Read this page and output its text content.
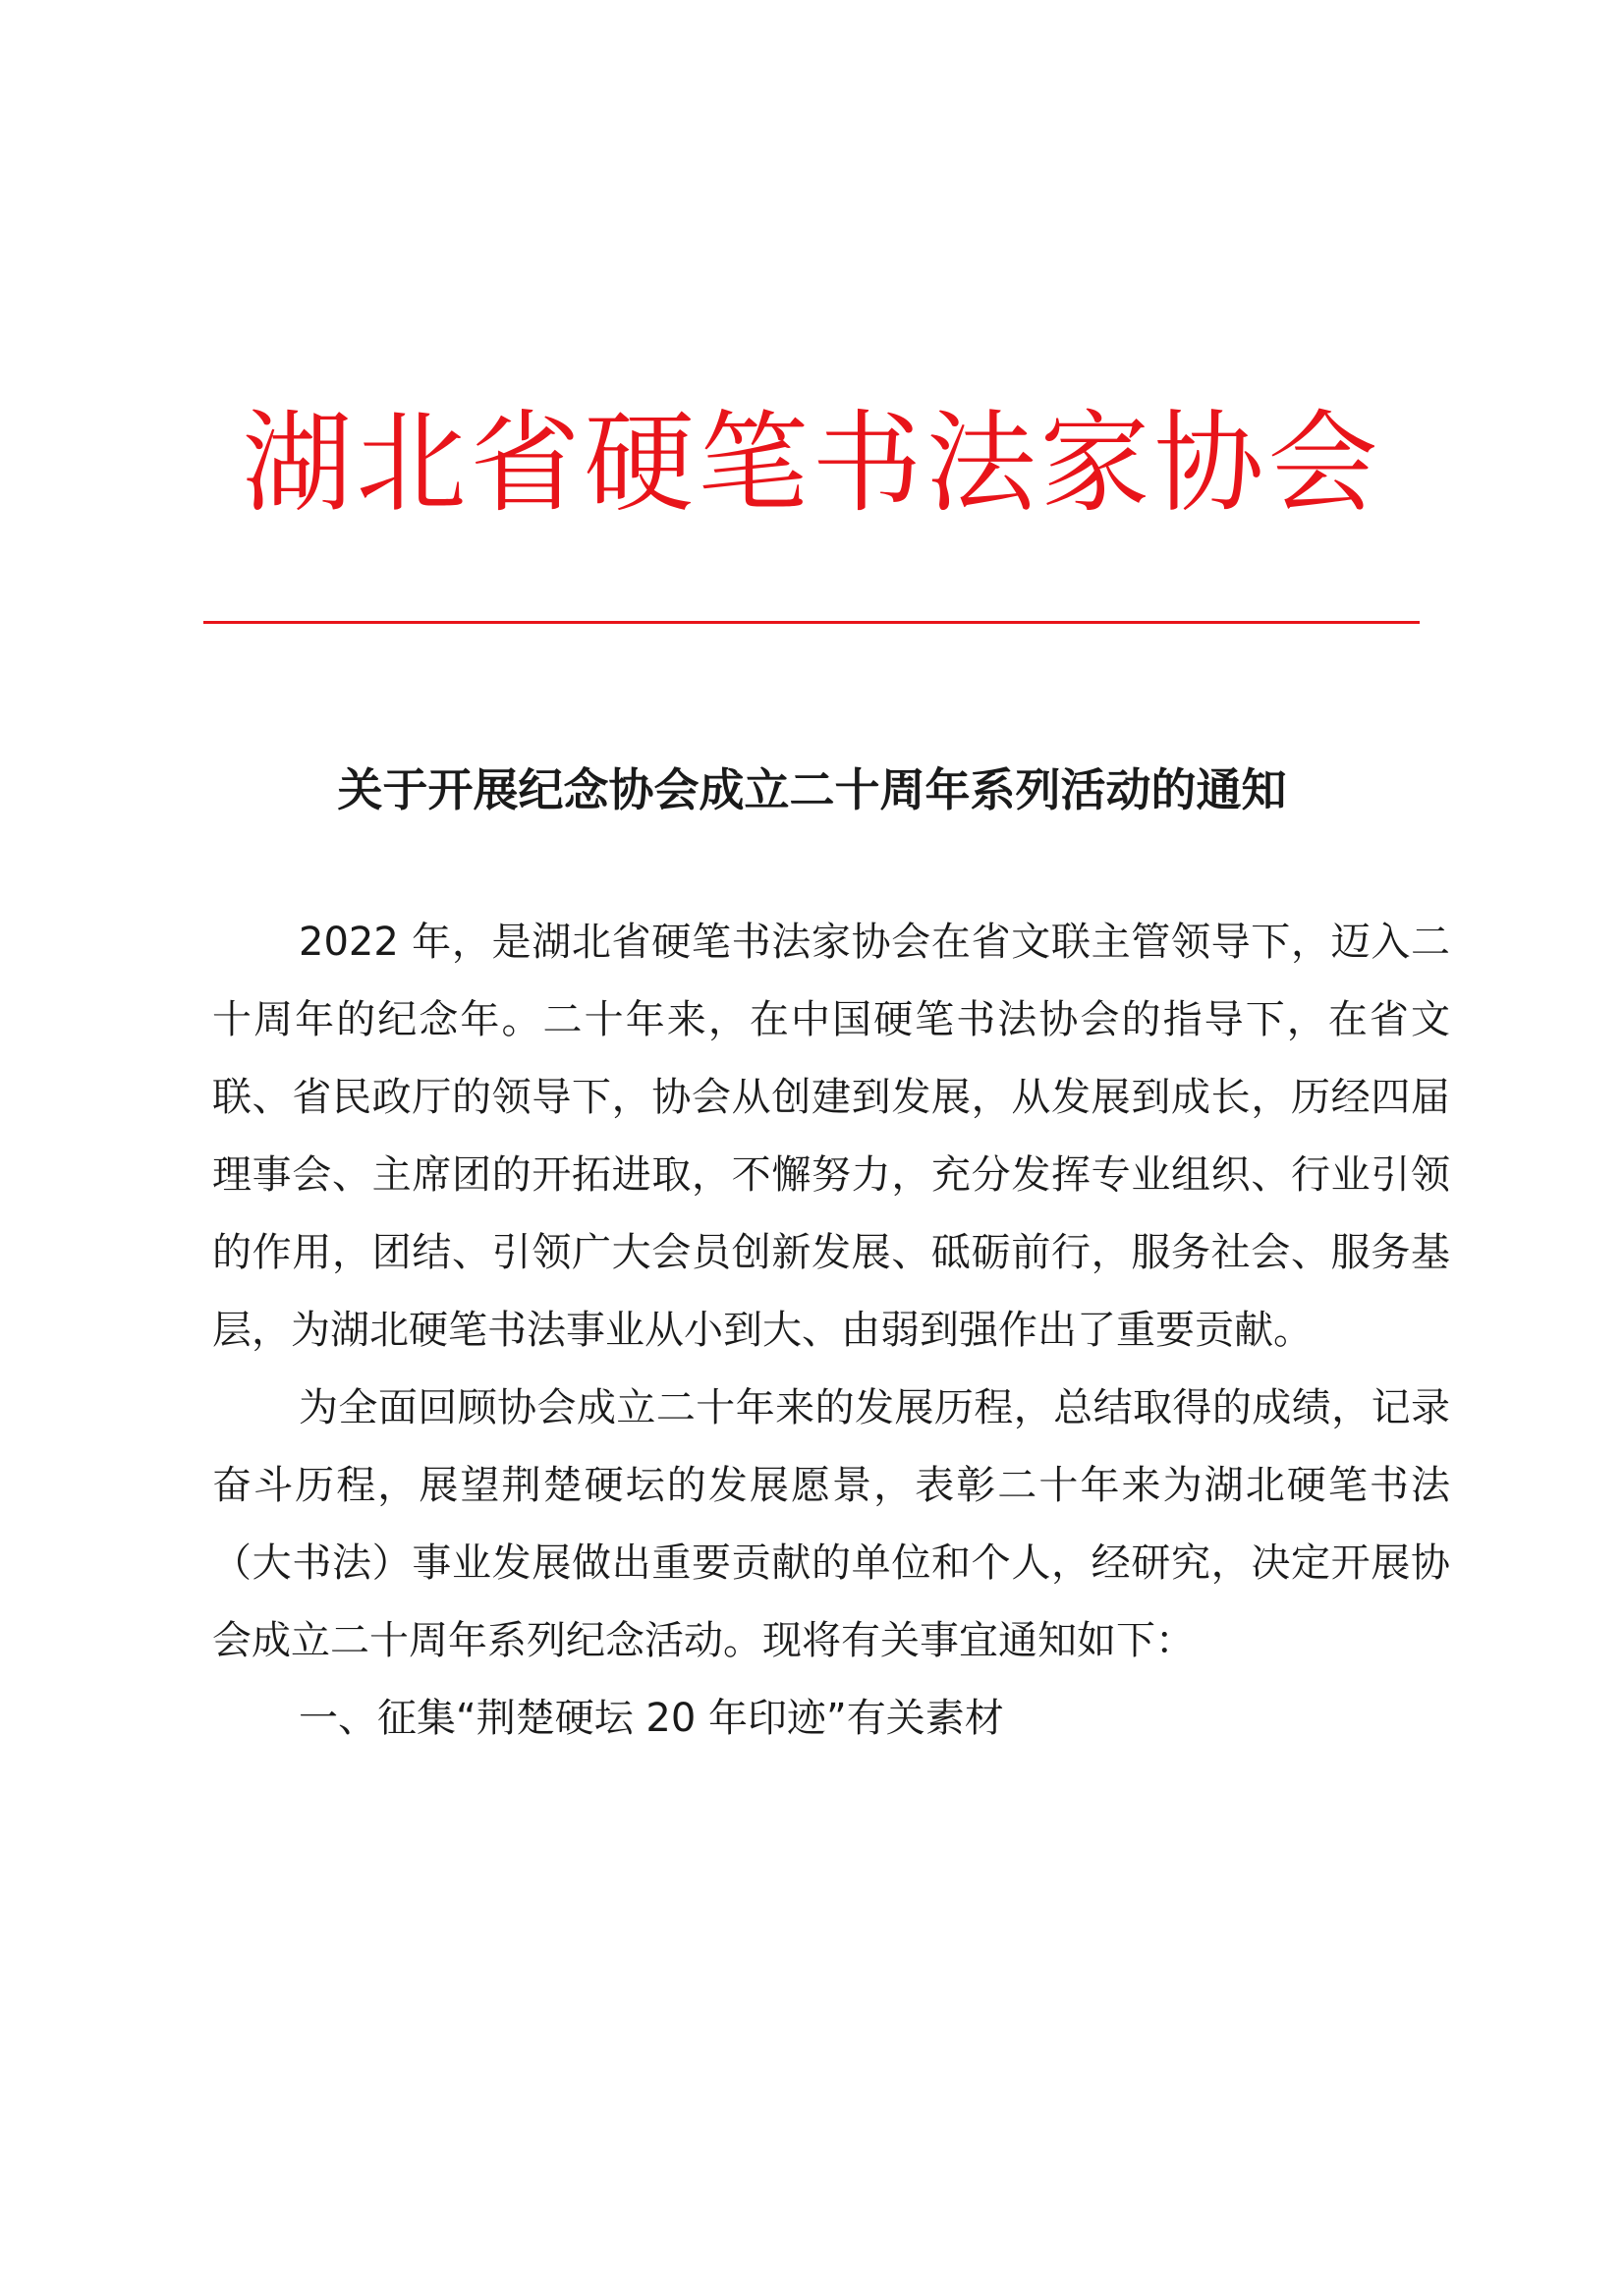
湖北省硬笔书法家协会
关于开展纪念协会成立二十周年系列活动的通知

2022 年，是湖北省硬笔书法家协会在省文联主管领导下，迈入二十周年的纪念年。二十年来，在中国硬笔书法协会的指导下，在省文联、省民政厅的领导下，协会从创建到发展，从发展到成长，历经四届理事会、主席团的开拓进取，不懈努力，充分发挥专业组织、行业引领的作用，团结、引领广大会员创新发展、砥砺前行，服务社会、服务基层，为湖北硬笔书法事业从小到大、由弱到强作出了重要贡献。

为全面回顾协会成立二十年来的发展历程，总结取得的成绩，记录奋斗历程，展望荆楚硬坛的发展愿景，表彰二十年来为湖北硬笔书法（大书法）事业发展做出重要贡献的单位和个人，经研究，决定开展协会成立二十周年系列纪念活动。现将有关事宜通知如下：

一、征集“荆楚硬坛 20 年印迹”有关素材
